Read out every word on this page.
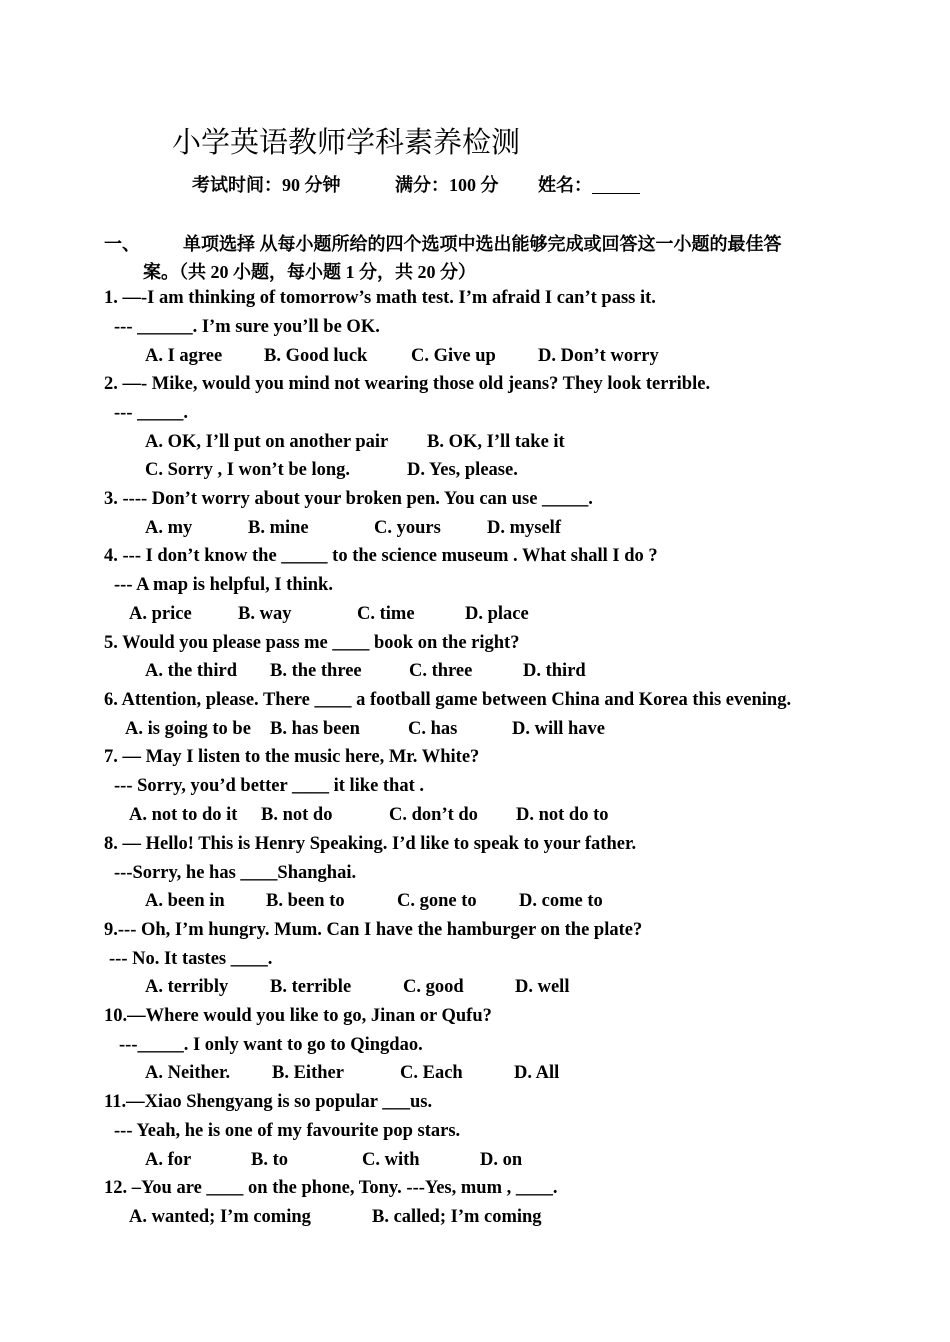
小学英语教师学科素养检测
考试时间：90 分钟	满分：100 分 姓名：
一、 单项选择 从每小题所给的四个选项中选出能够完成或回答这一小题的最佳答
案。（共 20 小题，每小题 1 分，共 20 分）
1. —-I am thinking of tomorrow’s math test. I’m afraid I can’t pass it.
--- ______. I’m sure you’ll be OK.
A. I agree B. Good luck C. Give up D. Don’t worry
2. —- Mike, would you mind not wearing those old jeans? They look terrible.
--- _____.
A. OK, I’ll put on another pair B. OK, I’ll take it
C. Sorry , I won’t be long.	D. Yes, please.
3. ---- Don’t worry about your broken pen. You can use _____.
A. my	B. mine	C. yours D. myself
4. --- I don’t know the _____ to the science museum . What shall I do ?
--- A map is helpful, I think.
A. price	B. way	C. time	D. place
5. Would you please pass me ____ book on the right?
A. the third B. the three	C. three	D. third
6. Attention, please. There ____ a football game between China and Korea this evening.
A. is going to be B. has been	C. has	D. will have
7. — May I listen to the music here, Mr. White?
--- Sorry, you’d better ____ it like that .
A. not to do it B. not do	C. don’t do D. not do to
8. — Hello! This is Henry Speaking. I’d like to speak to your father.
---Sorry, he has ____Shanghai.
A. been in B. been to	C. gone to D. come to
9.--- Oh, I’m hungry. Mum. Can I have the hamburger on the plate?
--- No. It tastes ____.
A. terribly B. terrible	C. good	D. well
10.—Where would you like to go, Jinan or Qufu?
---_____. I only want to go to Qingdao.
A. Neither. B. Either	C. Each	D. All
11.—Xiao Shengyang is so popular ___us.
--- Yeah, he is one of my favourite pop stars.
A. for	B. to	C. with	D. on
12. –You are ____ on the phone, Tony. ---Yes, mum , ____.
A. wanted; I’m coming	B. called; I’m coming
